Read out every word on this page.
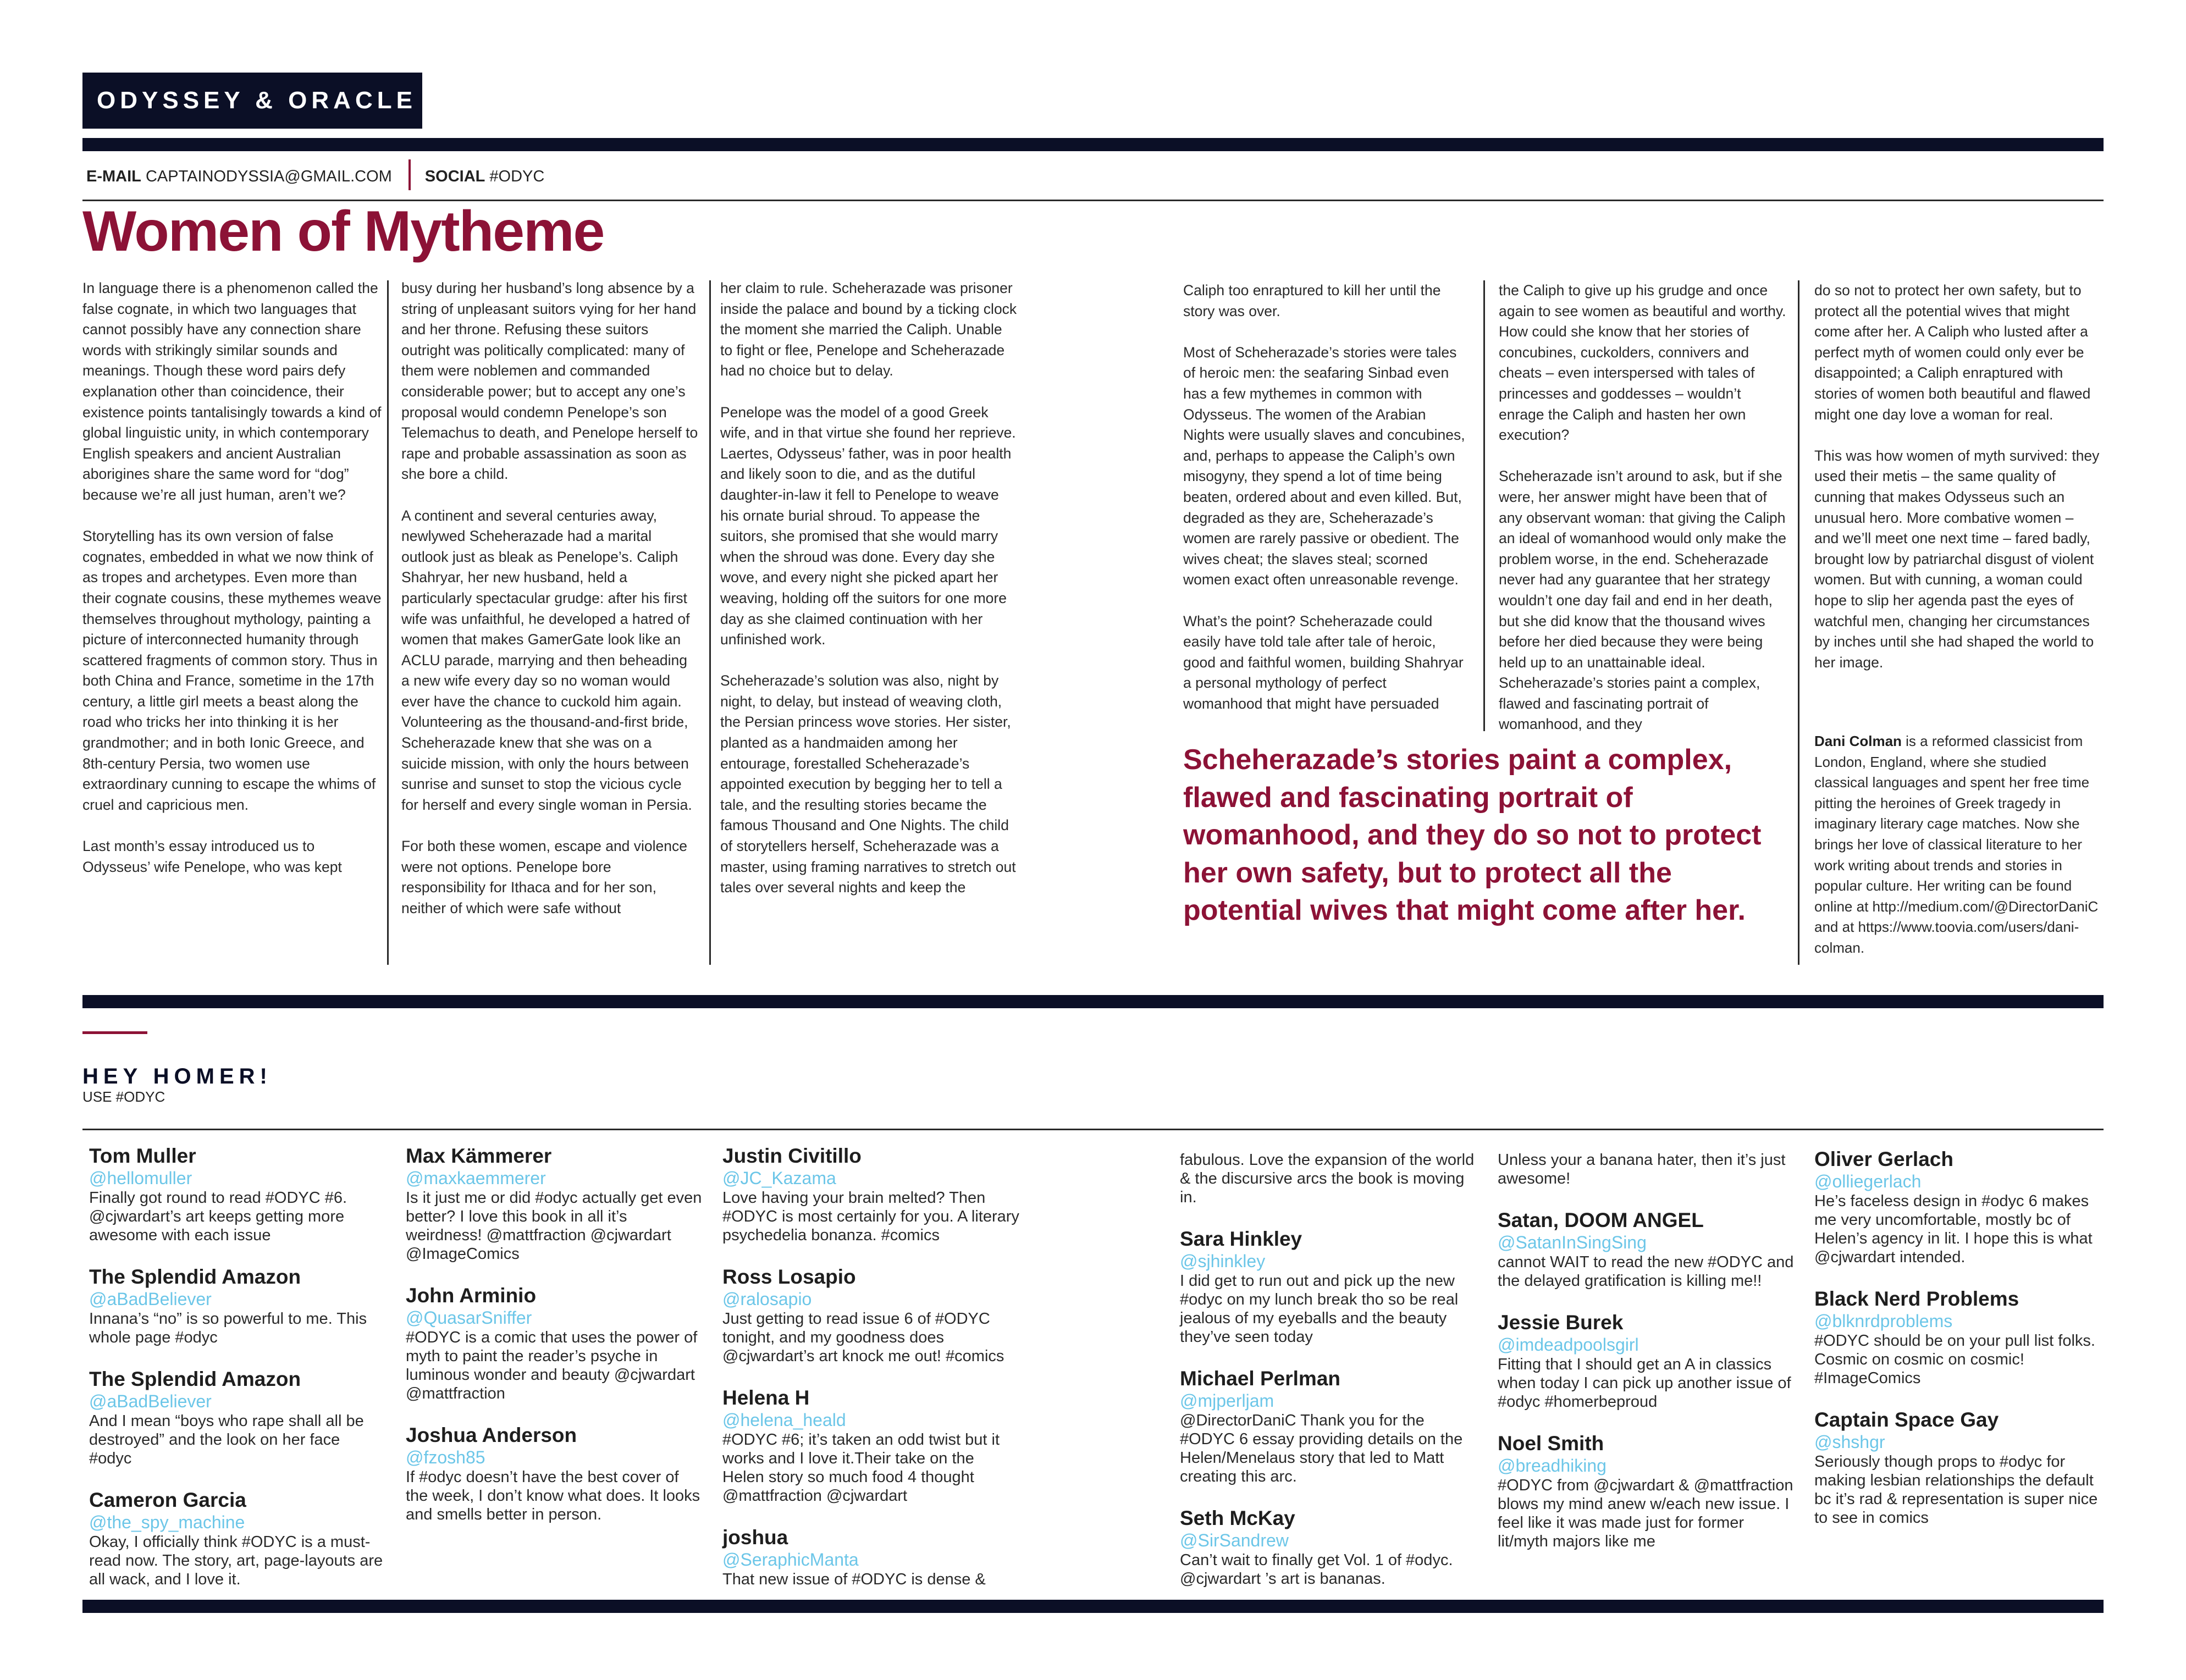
ODYSSEY & ORACLE
E-MAIL CAPTAINODYSSIA@GMAIL.COM SOCIAL #ODYC
Women of Mytheme

In language there is a phenomenon called the false cognate, in which two languages that cannot possibly have any connection share words with strikingly similar sounds and meanings. Though these word pairs defy explanation other than coincidence, their existence points tantalisingly towards a kind of global linguistic unity, in which contemporary English speakers and ancient Australian aborigines share the same word for “dog” because we’re all just human, aren’t we?

Storytelling has its own version of false cognates, embedded in what we now think of as tropes and archetypes. Even more than their cognate cousins, these mythemes weave themselves throughout mythology, painting a picture of interconnected humanity through scattered fragments of common story. Thus in both China and France, sometime in the 17th century, a little girl meets a beast along the road who tricks her into thinking it is her grandmother; and in both Ionic Greece, and 8th-century Persia, two women use extraordinary cunning to escape the whims of cruel and capricious men.

Last month’s essay introduced us to Odysseus’ wife Penelope, who was kept

busy during her husband’s long absence by a string of unpleasant suitors vying for her hand and her throne. Refusing these suitors outright was politically complicated: many of them were noblemen and commanded considerable power; but to accept any one’s proposal would condemn Penelope’s son Telemachus to death, and Penelope herself to rape and probable assassination as soon as she bore a child.

A continent and several centuries away, newlywed Scheherazade had a marital outlook just as bleak as Penelope’s. Caliph Shahryar, her new husband, held a particularly spectacular grudge: after his first wife was unfaithful, he developed a hatred of women that makes GamerGate look like an ACLU parade, marrying and then beheading a new wife every day so no woman would ever have the chance to cuckold him again. Volunteering as the thousand-and-first bride, Scheherazade knew that she was on a suicide mission, with only the hours between sunrise and sunset to stop the vicious cycle for herself and every single woman in Persia.

For both these women, escape and violence were not options. Penelope bore responsibility for Ithaca and for her son, neither of which were safe without

her claim to rule. Scheherazade was prisoner inside the palace and bound by a ticking clock the moment she married the Caliph. Unable to fight or flee, Penelope and Scheherazade had no choice but to delay.

Penelope was the model of a good Greek wife, and in that virtue she found her reprieve. Laertes, Odysseus’ father, was in poor health and likely soon to die, and as the dutiful daughter-in-law it fell to Penelope to weave his ornate burial shroud. To appease the suitors, she promised that she would marry when the shroud was done. Every day she wove, and every night she picked apart her weaving, holding off the suitors for one more day as she claimed continuation with her unfinished work.

Scheherazade’s solution was also, night by night, to delay, but instead of weaving cloth, the Persian princess wove stories. Her sister, planted as a handmaiden among her entourage, forestalled Scheherazade’s appointed execution by begging her to tell a tale, and the resulting stories became the famous Thousand and One Nights. The child of storytellers herself, Scheherazade was a master, using framing narratives to stretch out tales over several nights and keep the

Caliph too enraptured to kill her until the story was over.

Most of Scheherazade’s stories were tales of heroic men: the seafaring Sinbad even has a few mythemes in common with Odysseus. The women of the Arabian Nights were usually slaves and concubines, and, perhaps to appease the Caliph’s own misogyny, they spend a lot of time being beaten, ordered about and even killed. But, degraded as they are, Scheherazade’s women are rarely passive or obedient. The wives cheat; the slaves steal; scorned women exact often unreasonable revenge.

What’s the point? Scheherazade could easily have told tale after tale of heroic, good and faithful women, building Shahryar a personal mythology of perfect womanhood that might have persuaded

the Caliph to give up his grudge and once again to see women as beautiful and worthy. How could she know that her stories of concubines, cuckolders, connivers and cheats – even interspersed with tales of princesses and goddesses – wouldn’t enrage the Caliph and hasten her own execution?

Scheherazade isn’t around to ask, but if she were, her answer might have been that of any observant woman: that giving the Caliph an ideal of womanhood would only make the problem worse, in the end. Scheherazade never had any guarantee that her strategy wouldn’t one day fail and end in her death, but she did know that the thousand wives before her died because they were being held up to an unattainable ideal. Scheherazade’s stories paint a complex, flawed and fascinating portrait of womanhood, and they

do so not to protect her own safety, but to protect all the potential wives that might come after her. A Caliph who lusted after a perfect myth of women could only ever be disappointed; a Caliph enraptured with stories of women both beautiful and flawed might one day love a woman for real.

This was how women of myth survived: they used their metis – the same quality of cunning that makes Odysseus such an unusual hero. More combative women – and we’ll meet one next time – fared badly, brought low by patriarchal disgust of violent women. But with cunning, a woman could hope to slip her agenda past the eyes of watchful men, changing her circumstances by inches until she had shaped the world to her image.

Scheherazade’s stories paint a complex, flawed and fascinating portrait of womanhood, and they do so not to protect her own safety, but to protect all the potential wives that might come after her.
Dani Colman is a reformed classicist from London, England, where she studied classical languages and spent her free time pitting the heroines of Greek tragedy in imaginary literary cage matches. Now she brings her love of classical literature to her work writing about trends and stories in popular culture. Her writing can be found online at http://medium.com/@DirectorDaniC and at https://www.toovia.com/users/dani-colman.
HEY HOMER!
USE #ODYC
Tom Muller
@hellomuller
Finally got round to read #ODYC #6. @cjwardart’s art keeps getting more awesome with each issue
The Splendid Amazon
@aBadBeliever
Innana’s “no” is so powerful to me. This whole page #odyc
The Splendid Amazon
@aBadBeliever
And I mean “boys who rape shall all be destroyed” and the look on her face #odyc
Cameron Garcia
@the_spy_machine
Okay, I officially think #ODYC is a must-read now. The story, art, page-layouts are all wack, and I love it.
Max Kämmerer
@maxkaemmerer
Is it just me or did #odyc actually get even better? I love this book in all it’s weirdness! @mattfraction @cjwardart @ImageComics
John Arminio
@QuasarSniffer
#ODYC is a comic that uses the power of myth to paint the reader’s psyche in luminous wonder and beauty @cjwardart @mattfraction
Joshua Anderson
@fzosh85
If #odyc doesn’t have the best cover of the week, I don’t know what does. It looks and smells better in person.
Justin Civitillo
@JC_Kazama
Love having your brain melted? Then #ODYC is most certainly for you. A literary psychedelia bonanza. #comics
Ross Losapio
@ralosapio
Just getting to read issue 6 of #ODYC tonight, and my goodness does @cjwardart’s art knock me out! #comics
Helena H
@helena_heald
#ODYC #6; it’s taken an odd twist but it works and I love it.Their take on the Helen story so much food 4 thought @mattfraction @cjwardart
joshua
@SeraphicManta
That new issue of #ODYC is dense &
fabulous. Love the expansion of the world & the discursive arcs the book is moving in.
Sara Hinkley
@sjhinkley
I did get to run out and pick up the new #odyc on my lunch break tho so be real jealous of my eyeballs and the beauty they’ve seen today
Michael Perlman
@mjperljam
@DirectorDaniC Thank you for the #ODYC 6 essay providing details on the Helen/Menelaus story that led to Matt creating this arc.
Seth McKay
@SirSandrew
Can’t wait to finally get Vol. 1 of #odyc. @cjwardart ’s art is bananas.
Unless your a banana hater, then it’s just awesome!
Satan, DOOM ANGEL
@SatanInSingSing
cannot WAIT to read the new #ODYC and the delayed gratification is killing me!!
Jessie Burek
@imdeadpoolsgirl
Fitting that I should get an A in classics when today I can pick up another issue of #odyc #homerbeproud
Noel Smith
@breadhiking
#ODYC from @cjwardart & @mattfraction blows my mind anew w/each new issue. I feel like it was made just for former lit/myth majors like me
Oliver Gerlach
@olliegerlach
He’s faceless design in #odyc 6 makes me very uncomfortable, mostly bc of Helen’s agency in lit. I hope this is what @cjwardart intended.
Black Nerd Problems
@blknrdproblems
#ODYC should be on your pull list folks. Cosmic on cosmic on cosmic! #ImageComics
Captain Space Gay
@shshgr
Seriously though props to #odyc for making lesbian relationships the default bc it’s rad & representation is super nice to see in comics
